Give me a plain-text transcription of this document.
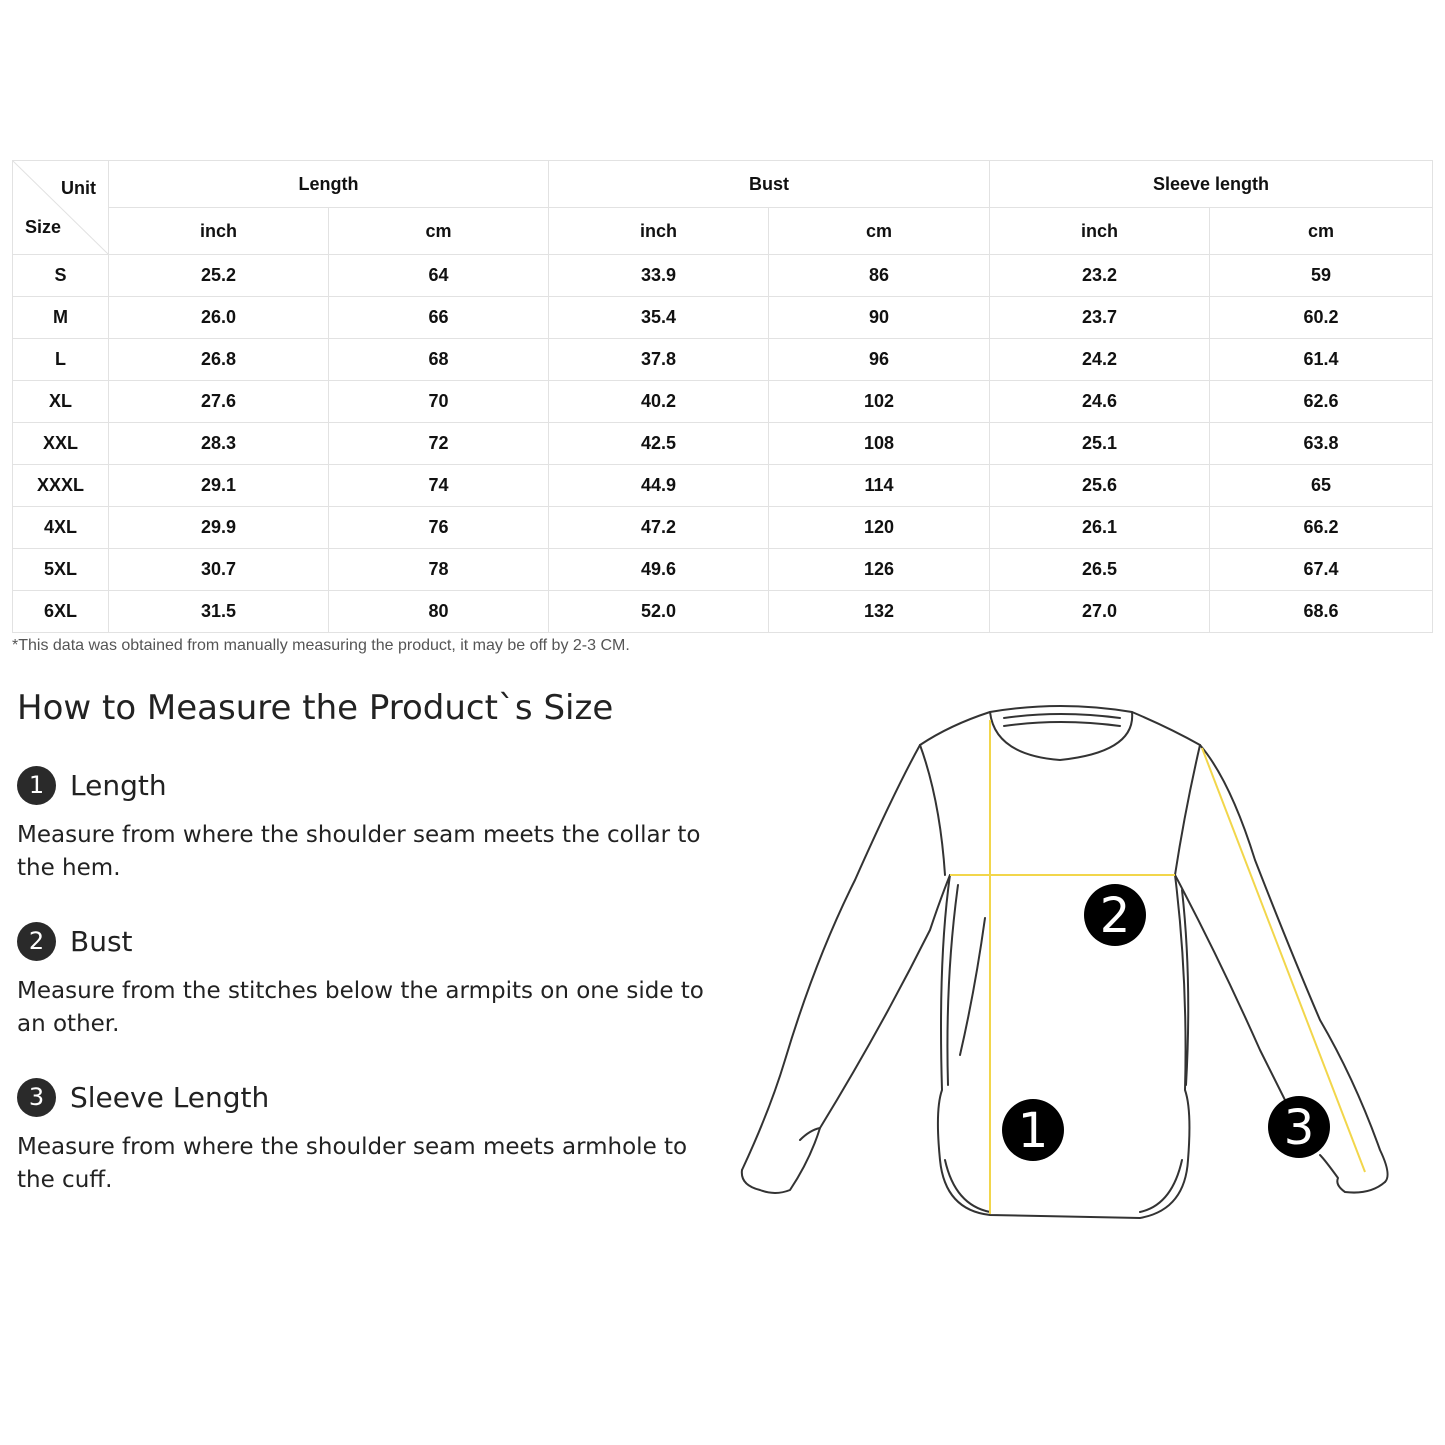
Unit
Size	Length		Bust		Sleeve length	
	inch	cm	inch	cm	inch	cm
S	25.2	64	33.9	86	23.2	59
M	26.0	66	35.4	90	23.7	60.2
L	26.8	68	37.8	96	24.2	61.4
XL	27.6	70	40.2	102	24.6	62.6
XXL	28.3	72	42.5	108	25.1	63.8
XXXL	29.1	74	44.9	114	25.6	65
4XL	29.9	76	47.2	120	26.1	66.2
5XL	30.7	78	49.6	126	26.5	67.4
6XL	31.5	80	52.0	132	27.0	68.6
*This data was obtained from manually measuring the product, it may be off by 2-3 CM.
How to Measure the Product`s Size
1 Length
Measure from where the shoulder seam meets the collar to the hem.
2 Bust
Measure from the stitches below the armpits on one side to an other.
3 Sleeve Length
Measure from where the shoulder seam meets armhole to the cuff.
1
2
3
